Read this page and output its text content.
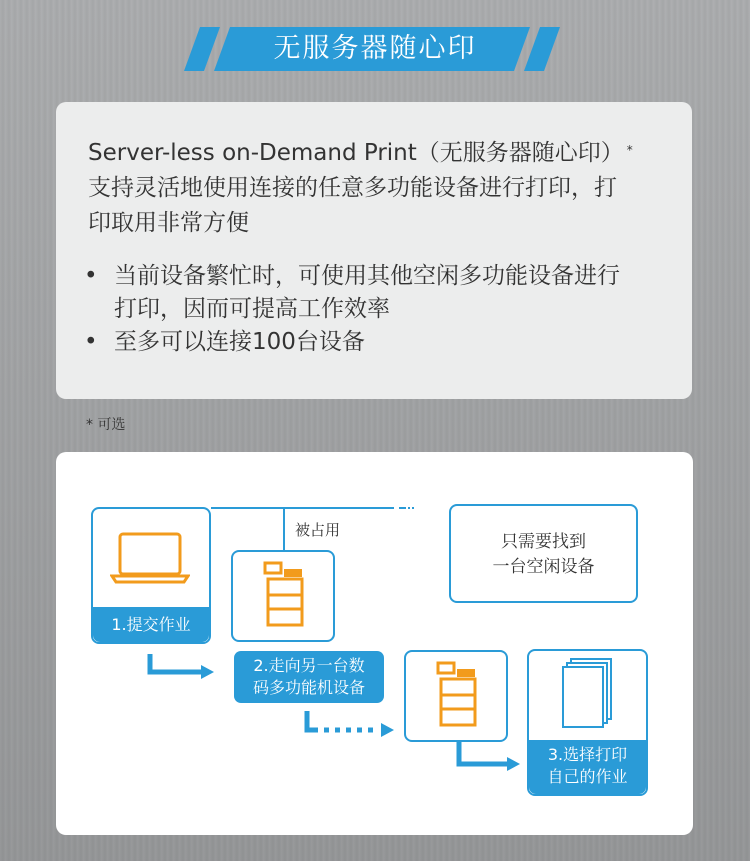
无服务器随心印
Server-less on-Demand Print（无服务器随心印） *
支持灵活地使用连接的任意多功能设备进行打印，打
印取用非常方便
• 当前设备繁忙时，可使用其他空闲多功能设备进行
打印，因而可提高工作效率
• 至多可以连接100台设备
* 可选
1.提交作业
被占用
2.走向另一台数
码多功能机设备
只需要找到
一台空闲设备
3.选择打印
自己的作业
